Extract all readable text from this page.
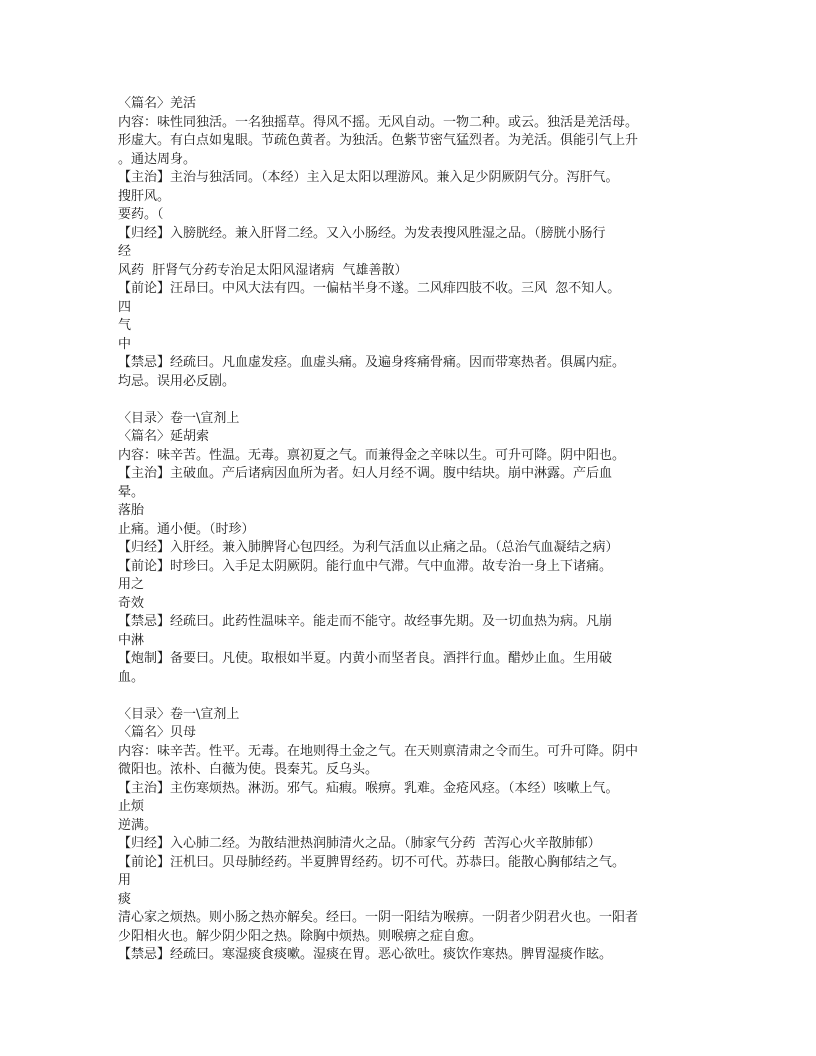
〈篇名〉羌活
内容：味性同独活。一名独摇草。得风不摇。无风自动。一物二种。或云。独活是羌活母。
形虚大。有白点如鬼眼。节疏色黄者。为独活。色紫节密气猛烈者。为羌活。俱能引气上升
。通达周身。
【主治】主治与独活同。（本经）主入足太阳以理游风。兼入足少阴厥阴气分。泻肝气。
搜肝风。
要药。（
【归经】入膀胱经。兼入肝肾二经。又入小肠经。为发表搜风胜湿之品。（膀胱小肠行
经
风药  肝肾气分药专治足太阳风湿诸病  气雄善散）
【前论】汪昂曰。中风大法有四。一偏枯半身不遂。二风痱四肢不收。三风  忽不知人。
四
气
中
【禁忌】经疏曰。凡血虚发痉。血虚头痛。及遍身疼痛骨痛。因而带寒热者。俱属内症。
均忌。误用必反剧。
〈目录〉卷一\宣剂上
〈篇名〉延胡索
内容：味辛苦。性温。无毒。禀初夏之气。而兼得金之辛味以生。可升可降。阴中阳也。
【主治】主破血。产后诸病因血所为者。妇人月经不调。腹中结块。崩中淋露。产后血
晕。
落胎
止痛。通小便。（时珍）
【归经】入肝经。兼入肺脾肾心包四经。为利气活血以止痛之品。（总治气血凝结之病）
【前论】时珍曰。入手足太阴厥阴。能行血中气滞。气中血滞。故专治一身上下诸痛。
用之
奇效
【禁忌】经疏曰。此药性温味辛。能走而不能守。故经事先期。及一切血热为病。凡崩
中淋
【炮制】备要曰。凡使。取根如半夏。内黄小而坚者良。酒拌行血。醋炒止血。生用破
血。
〈目录〉卷一\宣剂上
〈篇名〉贝母
内容：味辛苦。性平。无毒。在地则得土金之气。在天则禀清肃之令而生。可升可降。阴中
微阳也。浓朴、白薇为使。畏秦艽。反乌头。
【主治】主伤寒烦热。淋沥。邪气。疝瘕。喉痹。乳难。金疮风痉。（本经）咳嗽上气。
止烦
逆满。
【归经】入心肺二经。为散结泄热润肺清火之品。（肺家气分药  苦泻心火辛散肺郁）
【前论】汪机曰。贝母肺经药。半夏脾胃经药。切不可代。苏恭曰。能散心胸郁结之气。
用
痰
清心家之烦热。则小肠之热亦解矣。经曰。一阴一阳结为喉痹。一阴者少阴君火也。一阳者
少阳相火也。解少阴少阳之热。除胸中烦热。则喉痹之症自愈。
【禁忌】经疏曰。寒湿痰食痰嗽。湿痰在胃。恶心欲吐。痰饮作寒热。脾胃湿痰作眩。
